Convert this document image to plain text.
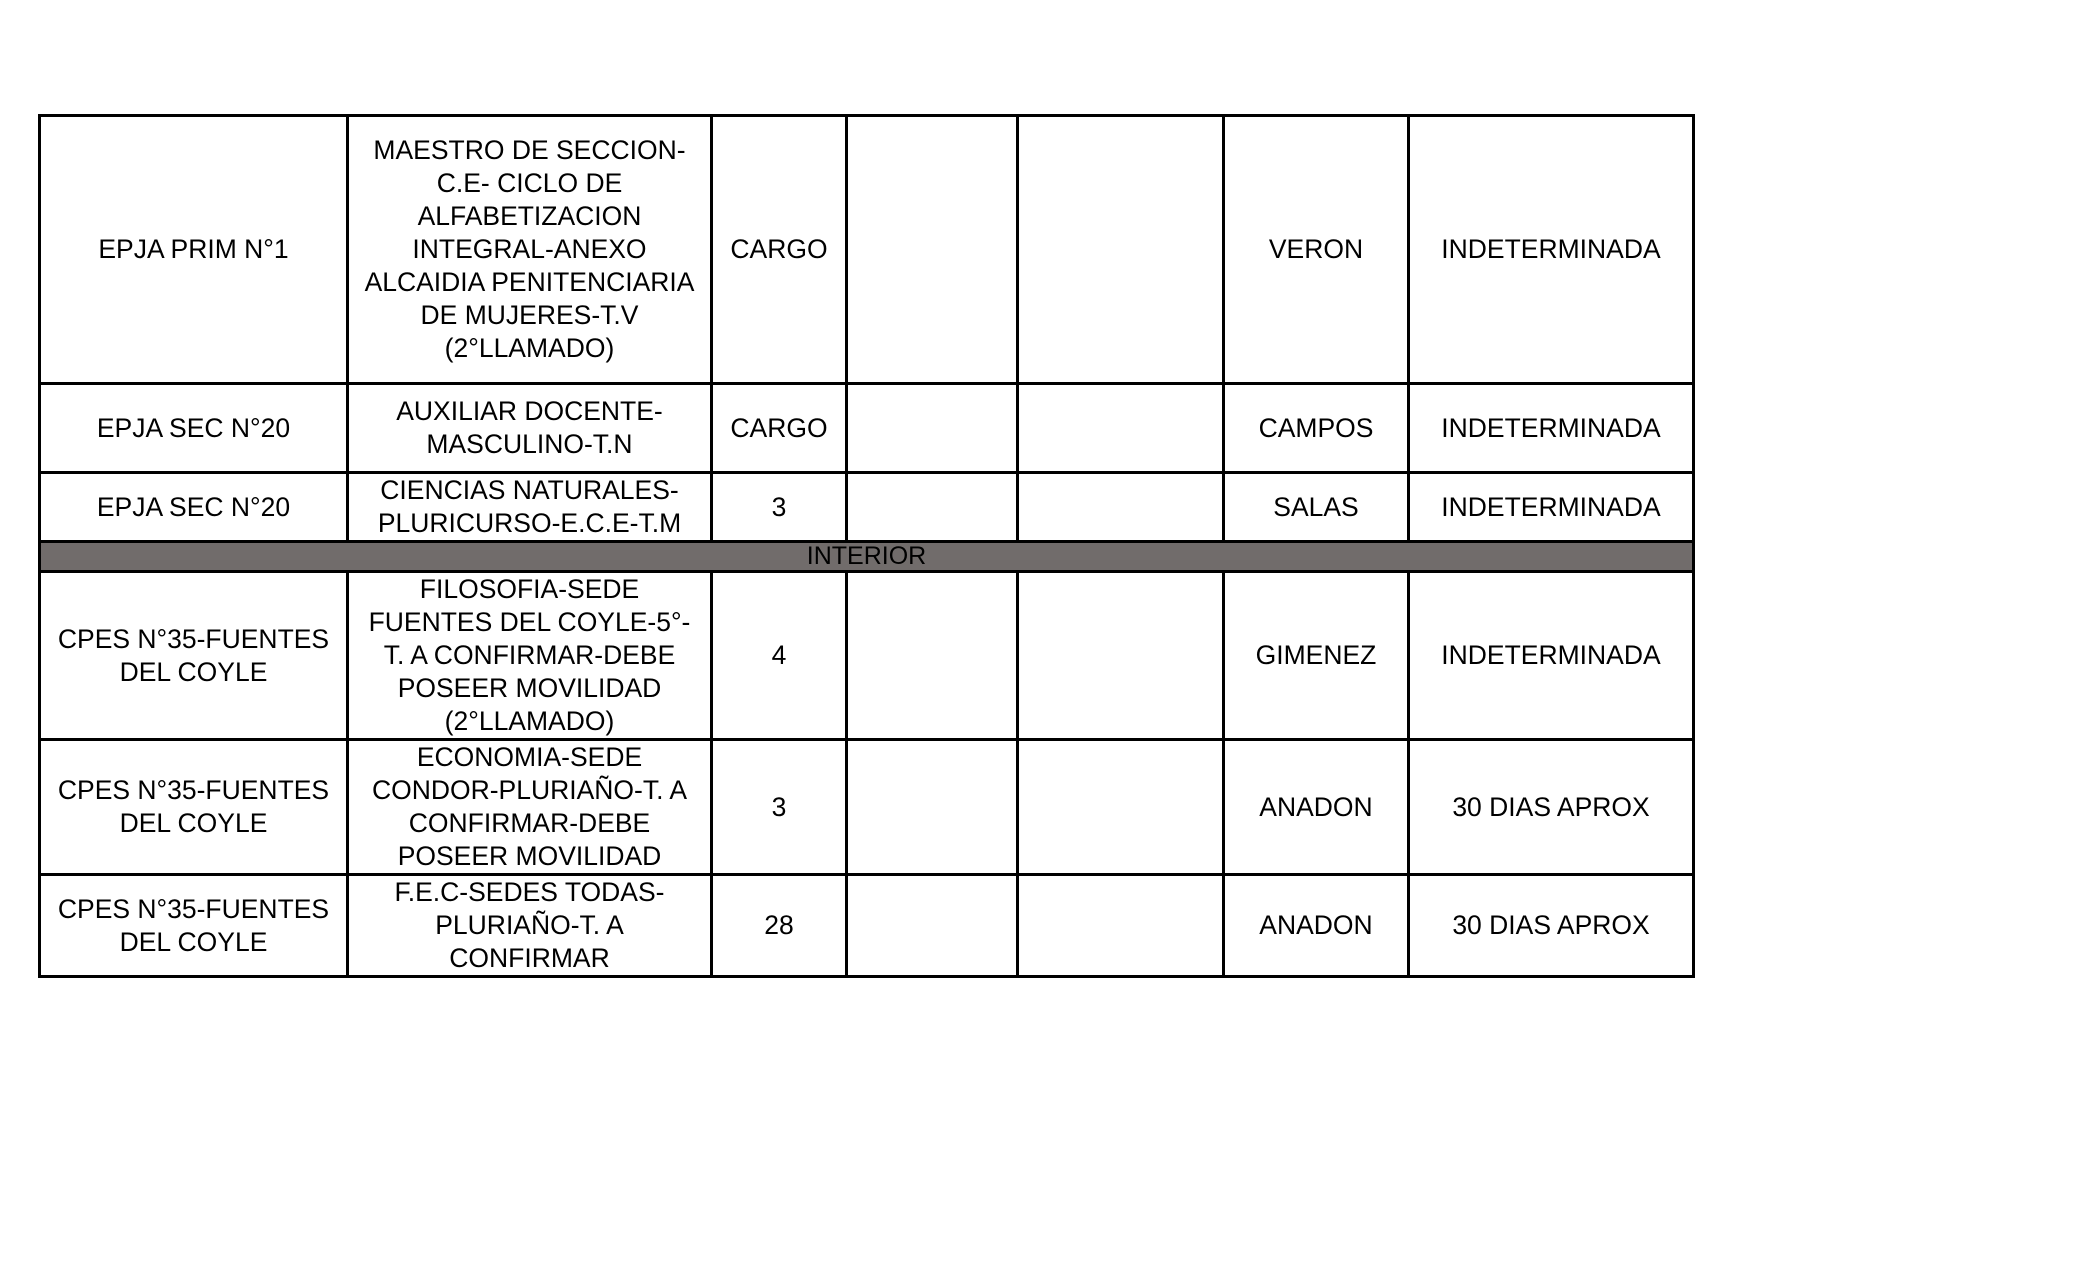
EPJA PRIM N°1	MAESTRO DE SECCION-C.E- CICLO DE ALFABETIZACION INTEGRAL-ANEXO ALCAIDIA PENITENCIARIA DE MUJERES-T.V (2°LLAMADO)	CARGO			VERON	INDETERMINADA
EPJA SEC N°20	AUXILIAR DOCENTE-MASCULINO-T.N	CARGO			CAMPOS	INDETERMINADA
EPJA SEC N°20	CIENCIAS NATURALES-PLURICURSO-E.C.E-T.M	3			SALAS	INDETERMINADA
INTERIOR						
CPES N°35-FUENTES DEL COYLE	FILOSOFIA-SEDE FUENTES DEL COYLE-5°-T. A CONFIRMAR-DEBE POSEER MOVILIDAD (2°LLAMADO)	4			GIMENEZ	INDETERMINADA
CPES N°35-FUENTES DEL COYLE	ECONOMIA-SEDE CONDOR-PLURIAÑO-T. A CONFIRMAR-DEBE POSEER MOVILIDAD	3			ANADON	30 DIAS APROX
CPES N°35-FUENTES DEL COYLE	F.E.C-SEDES TODAS-PLURIAÑO-T. A CONFIRMAR	28			ANADON	30 DIAS APROX
